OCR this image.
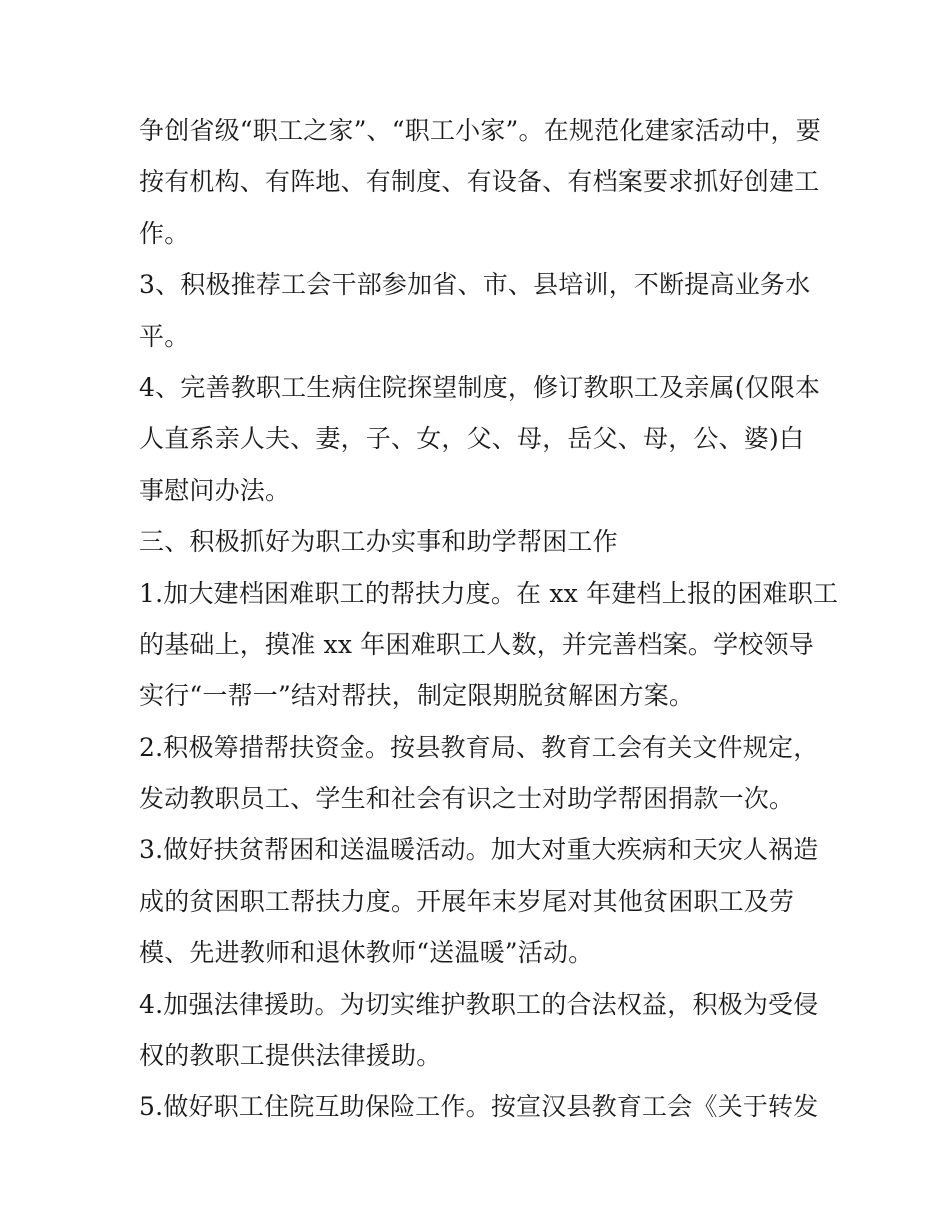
争创省级“职工之家”、“职工小家”。在规范化建家活动中，要
按有机构、有阵地、有制度、有设备、有档案要求抓好创建工
作。
3、积极推荐工会干部参加省、市、县培训，不断提高业务水
平。
4、完善教职工生病住院探望制度，修订教职工及亲属(仅限本
人直系亲人夫、妻，子、女，父、母，岳父、母，公、婆)白
事慰问办法。
三、积极抓好为职工办实事和助学帮困工作
1.加大建档困难职工的帮扶力度。在 xx 年建档上报的困难职工
的基础上，摸准 xx 年困难职工人数，并完善档案。学校领导
实行“一帮一”结对帮扶，制定限期脱贫解困方案。
2.积极筹措帮扶资金。按县教育局、教育工会有关文件规定，
发动教职员工、学生和社会有识之士对助学帮困捐款一次。
3.做好扶贫帮困和送温暖活动。加大对重大疾病和天灾人祸造
成的贫困职工帮扶力度。开展年末岁尾对其他贫困职工及劳
模、先进教师和退休教师“送温暖”活动。
4.加强法律援助。为切实维护教职工的合法权益，积极为受侵
权的教职工提供法律援助。
5.做好职工住院互助保险工作。按宣汉县教育工会《关于转发
